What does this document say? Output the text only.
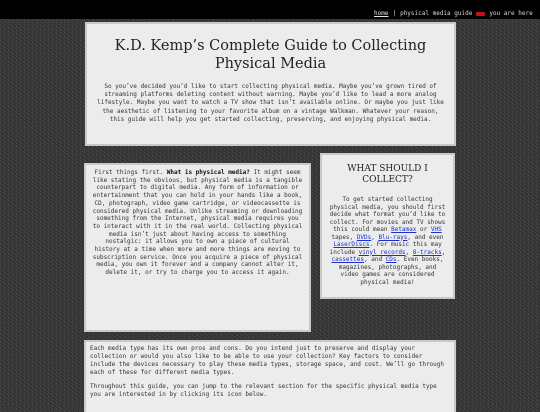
home | physical media guide	you are here
K.D. Kemp’s Complete Guide to Collecting Physical Media

So you’ve decided you’d like to start collecting physical media. Maybe you’ve grown tired of streaming platforms deleting content without warning. Maybe you’d like to lead a more analog lifestyle. Maybe you want to watch a TV show that isn’t available online. Or maybe you just like the aesthetic of listening to your favorite album on a vintage Walkman. Whatever your reason, this guide will help you get started collecting, preserving, and enjoying physical media.

First things first. What is physical media? It might seem like stating the obvious, but physical media is a tangible counterpart to digital media. Any form of information or entertainment that you can hold in your hands like a book, CD, photograph, video game cartridge, or videocassette is considered physical media. Unlike streaming or downloading something from the Internet, physical media requires you to interact with it in the real world. Collecting physical media isn’t just about having access to something nostalgic: it allows you to own a piece of cultural history at a time when more and more things are moving to subscription service. Once you acquire a piece of physical media, you own it forever and a company cannot alter it, delete it, or try to charge you to access it again.

WHAT SHOULD I COLLECT?

To get started collecting physical media, you should first decide what format you’d like to collect. For movies and TV shows this could mean Betamax or VHS tapes, DVDs, Blu-rays, and even LaserDiscs. For music this may include vinyl records, 8-tracks, cassettes, and CDs. Even books, magazines, photographs, and video games are considered physical media!

Each media type has its own pros and cons. Do you intend just to preserve and display your collection or would you also like to be able to use your collection? Key factors to consider include the devices necessary to play these media types, storage space, and cost. We’ll go through each of these for different media types.

Throughout this guide, you can jump to the relevant section for the specific physical media type you are interested in by clicking its icon below.
